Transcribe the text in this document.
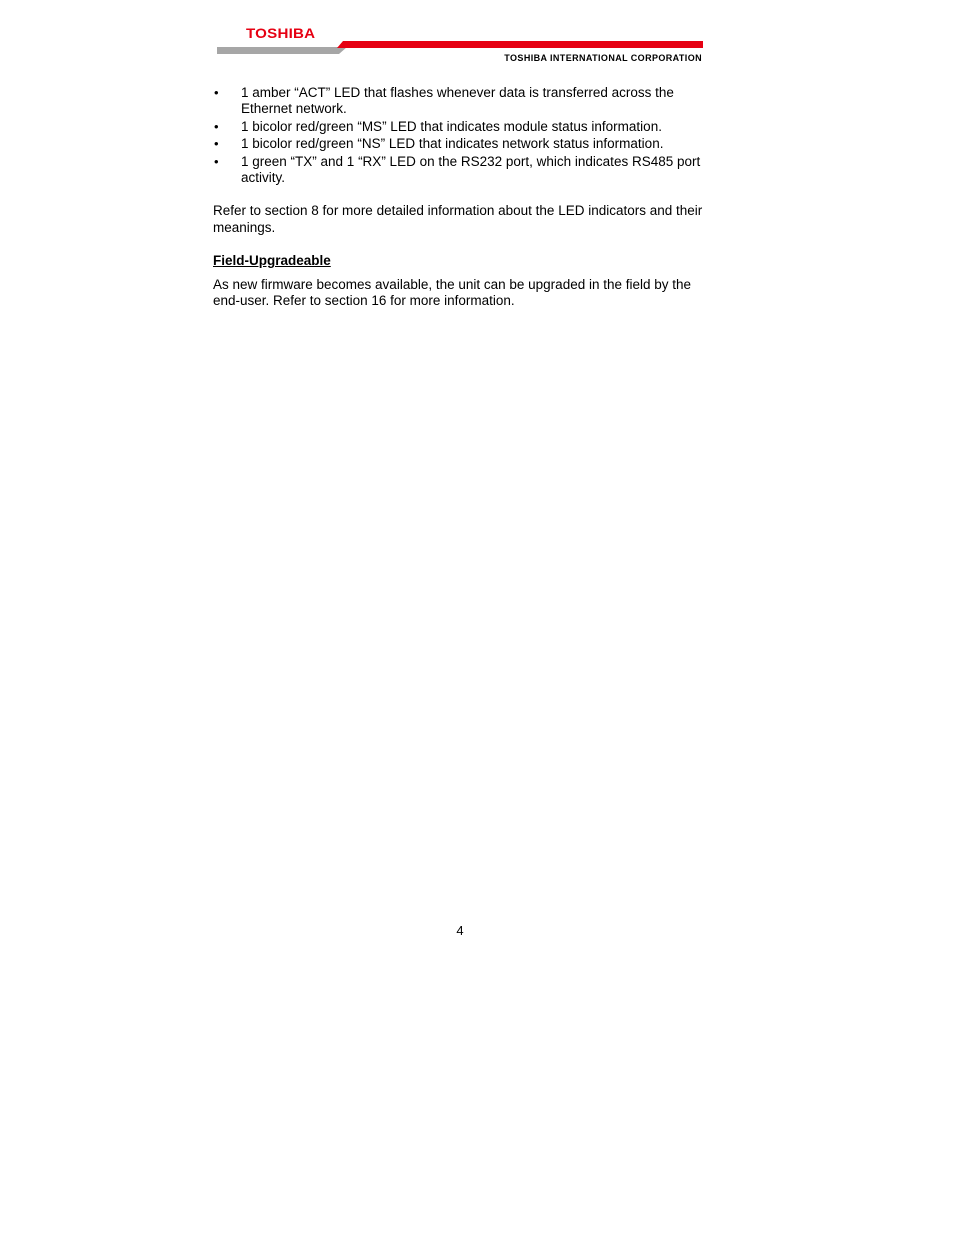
TOSHIBA
TOSHIBA INTERNATIONAL CORPORATION
• 1 amber “ACT” LED that flashes whenever data is transferred across the Ethernet network.
• 1 bicolor red/green “MS” LED that indicates module status information.
• 1 bicolor red/green “NS” LED that indicates network status information.
• 1 green “TX” and 1 “RX” LED on the RS232 port, which indicates RS485 port activity.

Refer to section 8 for more detailed information about the LED indicators and their meanings.

Field-Upgradeable

As new firmware becomes available, the unit can be upgraded in the field by the end-user. Refer to section 16 for more information.

4
